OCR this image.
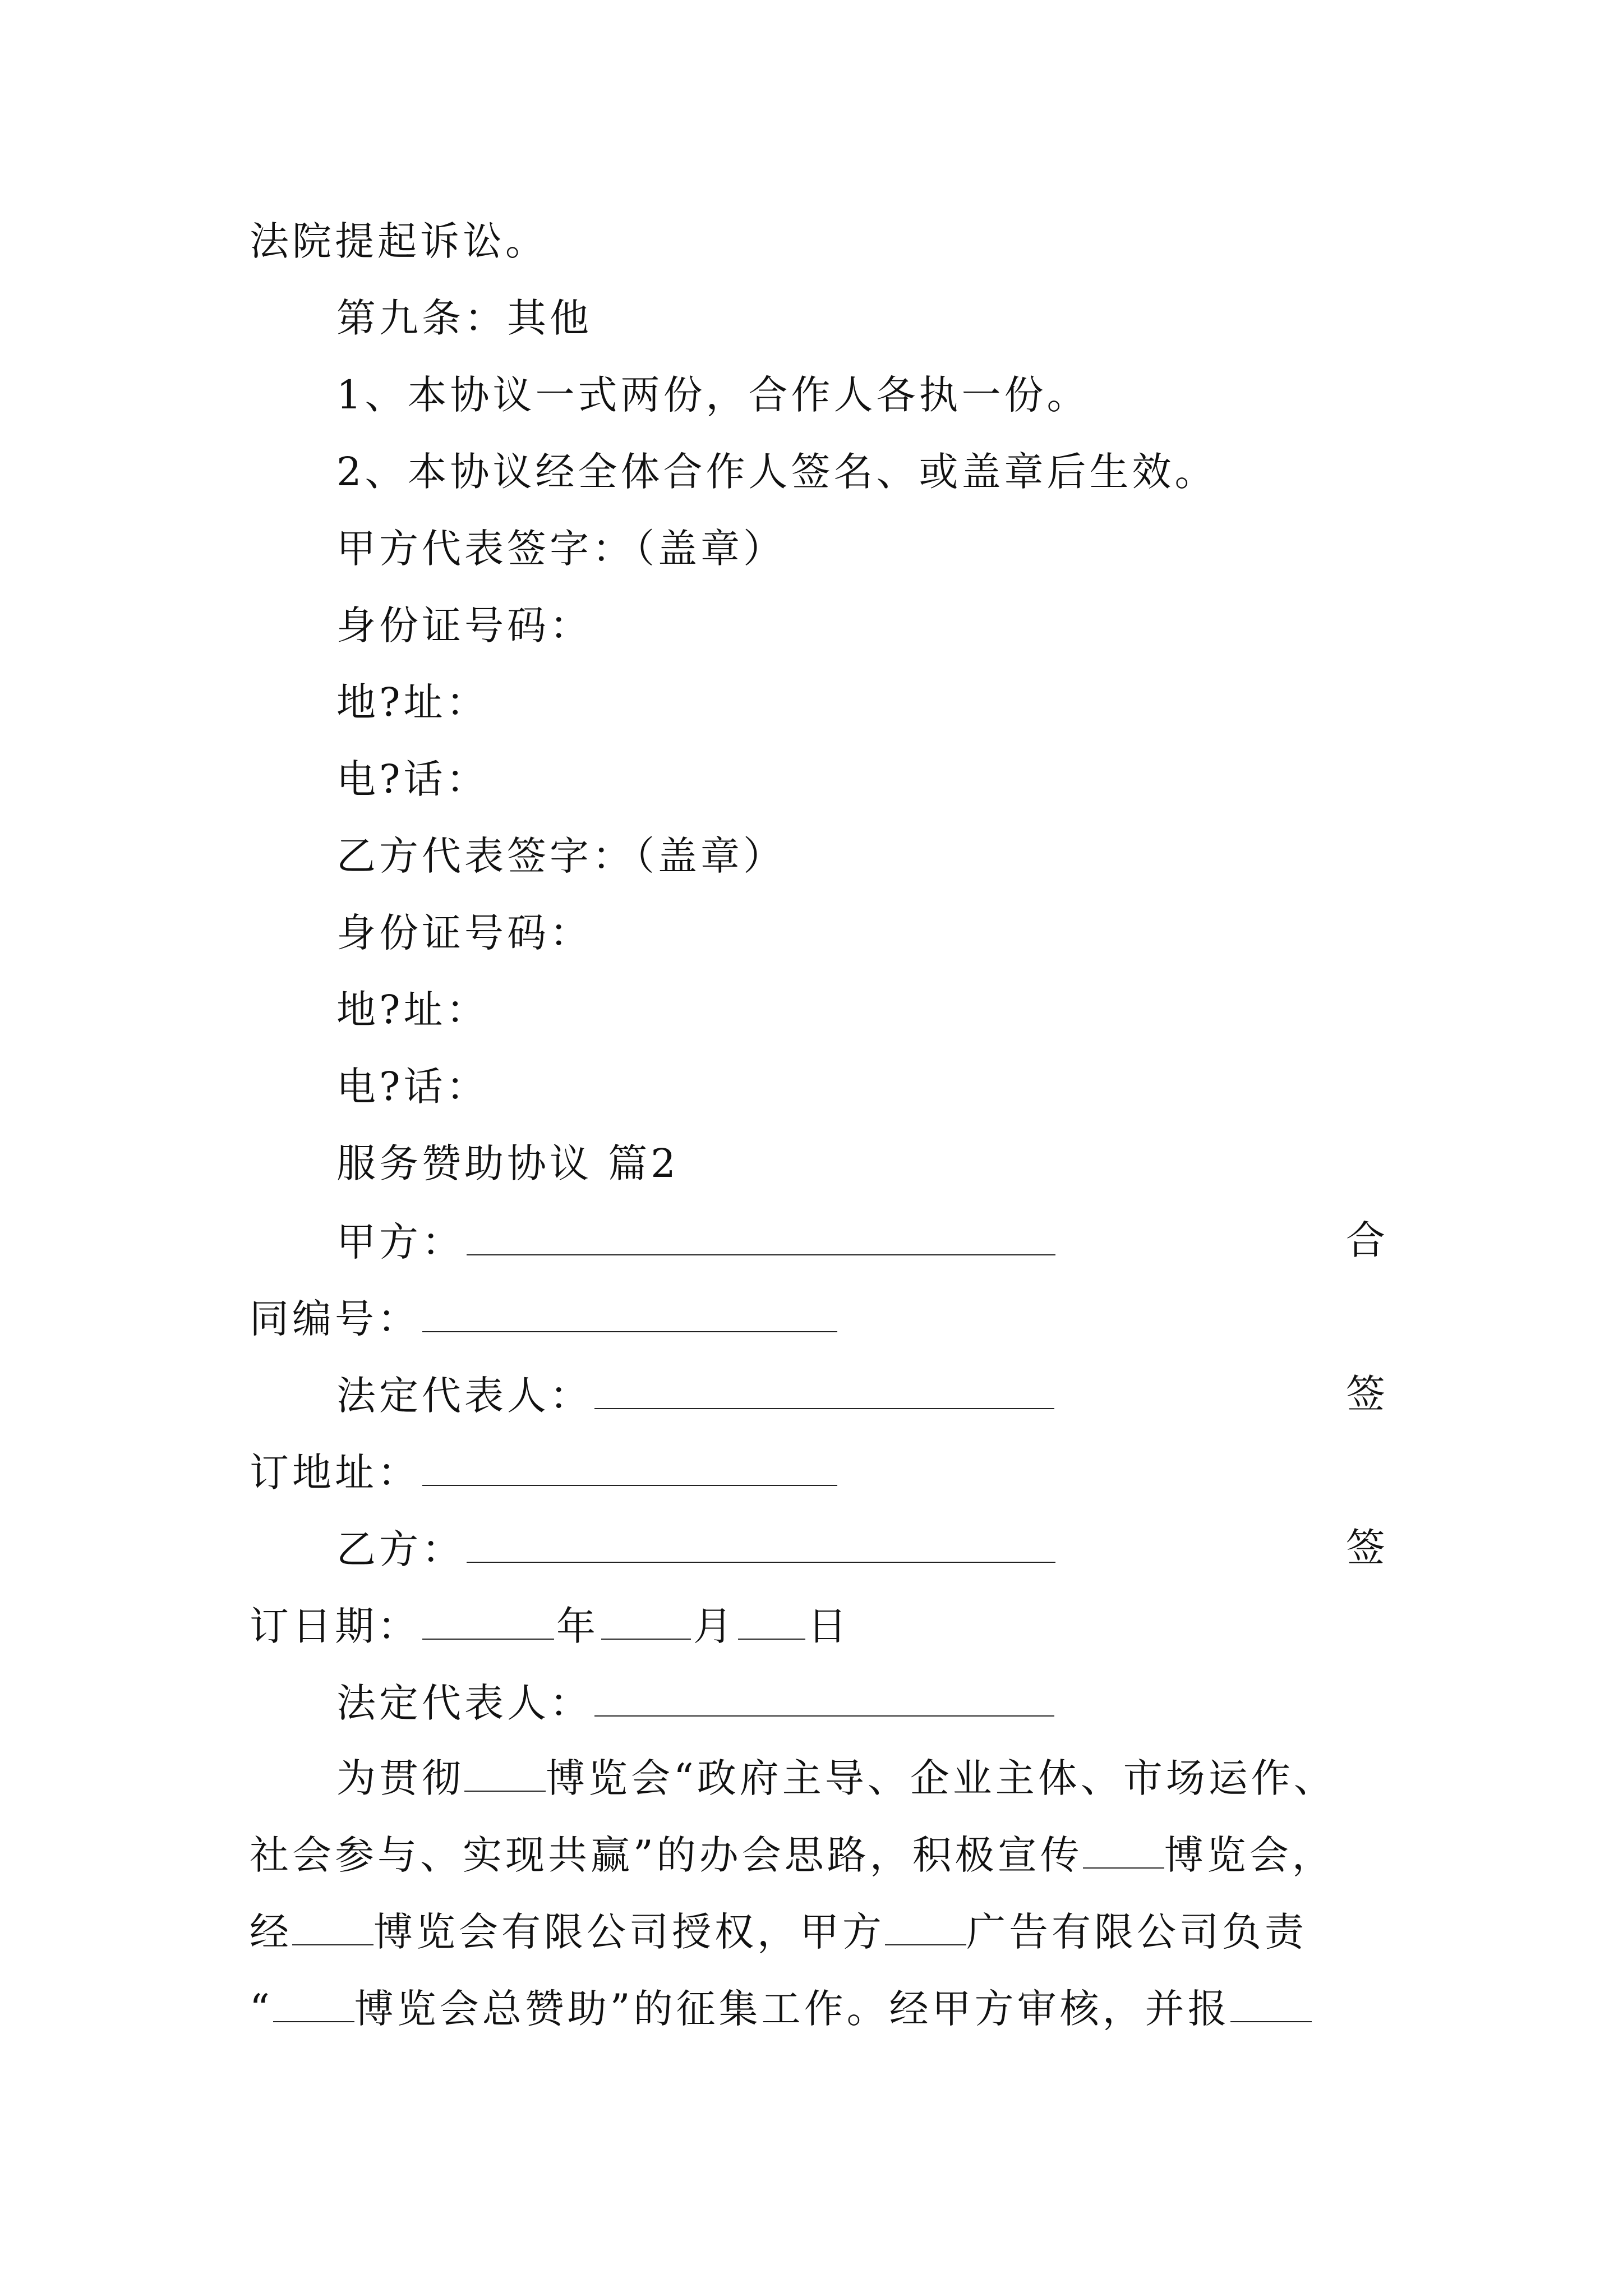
法院提起诉讼。
第九条：其他
1、本协议一式两份，合作人各执一份。
2、本协议经全体合作人签名、或盖章后生效。
甲方代表签字：（盖章）
身份证号码：
地?址：
电?话：
乙方代表签字：（盖章）
身份证号码：
地?址：
电?话：
服务赞助协议 篇2
甲方：	合
同编号：
法定代表人：	签
订地址：
乙方：	签
订日期：	年 月 日
法定代表人：
为贯彻 博览会“政府主导、企业主体、市场运作、
社会参与、实现共赢”的办会思路，积极宣传 博览会，
经 博览会有限公司授权，甲方 广告有限公司负责
“ 博览会总赞助”的征集工作。经甲方审核，并报
